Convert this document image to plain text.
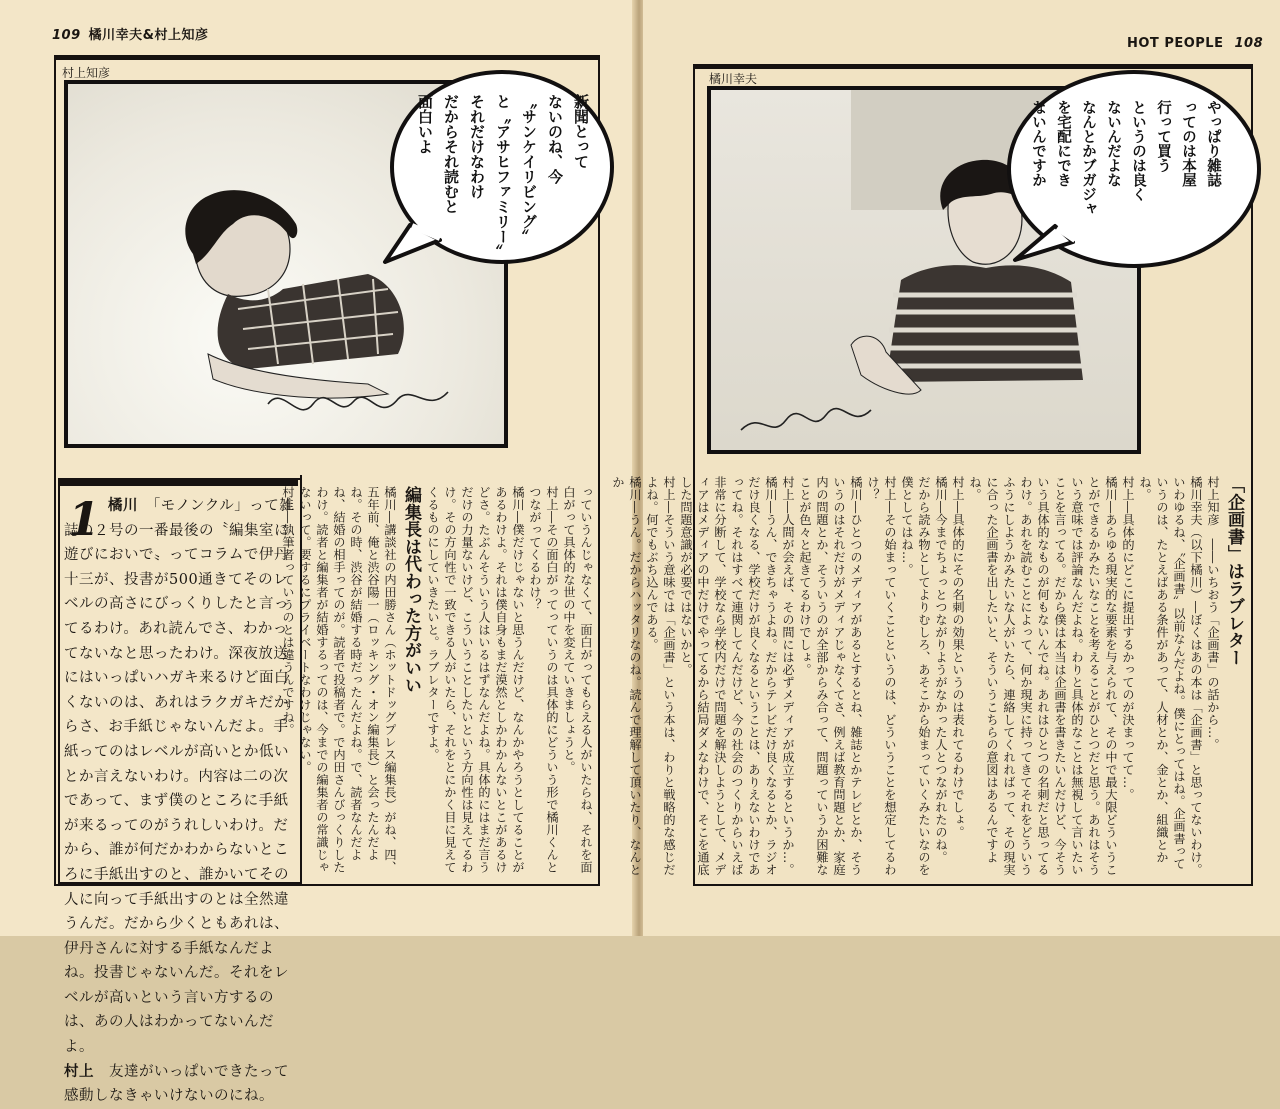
109 橘川幸夫&村上知彦
村上知彦
新聞とって
ないのね、今
〝サンケイリビング〟
と〝アサヒファミリー〟
それだけなわけ
だからそれ読むと
面白いよ
1 橘川　 「モノンクル」って雑誌の２号の一番最後の〝編集室に遊びにおいで〟ってコラムで伊丹十三が、投書が500通きてそのレベルの高さにびっくりしたと言ってるわけ。あれ読んでさ、わかってないなと思ったわけ。深夜放送にはいっぱいハガキ来るけど面白くないのは、あれはラクガキだからさ、お手紙じゃないんだよ。手紙ってのはレベルが高いとか低いとか言えないわけ。内容は二の次であって、まず僕のところに手紙が来るってのがうれしいわけ。だから、誰が何だかわからないところに手紙出すのと、誰かいてその人に向って手紙出すのとは全然違うんだ。だから少くともあれは、伊丹さんに対する手紙なんだよね。投書じゃないんだ。それをレベルが高いという言い方するのは、あの人はわかってないんだよ。

村上　 友達がいっぱいできたって感動しなきゃいけないのにね。

っていうんじゃなくて、面白がってもらえる人がいたらね、それを面白がって具体的な世の中を変えていきましょうと。

村上―その面白がってっていうのは具体的にどういう形で橘川くんとつながってくるわけ？

橘川―僕だけじゃないと思うんだけど、なんかやろうとしてることがあるわけよ。それは僕自身もまだ漠然としかわかんないとこがあるけどさ。たぶんそういう人はいるはずなんだよね。具体的にはまだ言うだけの力量ないけど、こういうことしたいという方向性は見えてるわけ。その方向性で一致できる人がいたら、それをとにかく目に見えてくるものにしていきたいと。ラブレターですよ。

編集長は代わった方がいい

橘川―講談社の内田勝さん（ホットドッグプレス編集長）がね、四、五年前、俺と渋谷陽一（ロッキング・オン編集長）と会ったんだよね。その時、渋谷が結婚する時だったんだよね。で、読者なんだよね、結婚の相手ってのが。読者で投稿者で。で内田さんびっくりしたわけ。読者と編集者が結婚するってのは、今までの編集者の常識じゃないって。要するにプライベートなわけじゃない。

村上―執筆者っていうのとは違うんですね。

HOT PEOPLE 108
橘川幸夫
やっぱり雑誌
ってのは本屋
行って買う
というのは良く
ないんだよな
なんとかブガジャ
を宅配にでき
ないんですか

「企画書」はラブレター

村上知彦　――いちおう「企画書」の話から…。

橘川幸夫（以下橘川）―ぼくはあの本は「企画書」と思ってないわけ。いわゆるね、〝企画書〟以前なんだよね。僕にとってはね。企画書っていうのは、たとえばある条件があって、人材とか、金とか、組織とかね。

村上―具体的にどこに提出するかってのが決まってて…。

橘川―あらゆる現実的な要素を与えられて、その中で最大限どういうことができるかみたいなことを考えることがひとつだと思う。あれはそういう意味では評論なんだよね。わりと具体的なことは無視して言いたいことを言ってる。だから僕は本当は企画書を書きたいんだけど、今そういう具体的なものが何もないんでね。あれはひとつの名刺だと思ってるわけ。あれを読むことによって、何か現実に持ってきてそれをどういうふうにしようかみたいな人がいたら、連絡してくれればって、その現実に合った企画書を出したいと、そういうこちらの意図はあるんですよね。

村上―具体的にその名刺の効果というのは表れてるわけでしょ。

橘川―今までちょっとつながりようがなかった人とつながれたのね。

だから読み物としてよりむしろ、あそこから始まっていくみたいなのを僕としてはね…。

村上―その始まっていくことというのは、どういうことを想定してるわけ？

橘川―ひとつのメディアがあるとするとね、雑誌とかテレビとか、そういうのはそれだけがメディアじゃなくてさ、例えば教育問題とか、家庭内の問題とか、そういうのが全部からみ合って、問題っていうか困難なことが色々と起きてるわけでしょ。

村上―人間が会えば、その間には必ずメディアが成立するというか…。

橘川―うん、できちゃうよね。だからテレビだけ良くなるとか、ラジオだけ良くなる、学校だけが良くなるということは、ありえないわけであってね。それはすべて連関してんだけど、今の社会のつくりからいえば非常に分断して、学校なら学校内だけで問題を解決しようとして、メディアはメディアの中だけでやってるから結局ダメなわけで、そこを通底した問題意識が必要ではないかと。

村上―そういう意味では「企画書」という本は、わりと戦略的な感じだよね。何でもぶち込んである。

橘川―うん。だからハッタリなのね。読んで理解して頂いたり、なんとか
